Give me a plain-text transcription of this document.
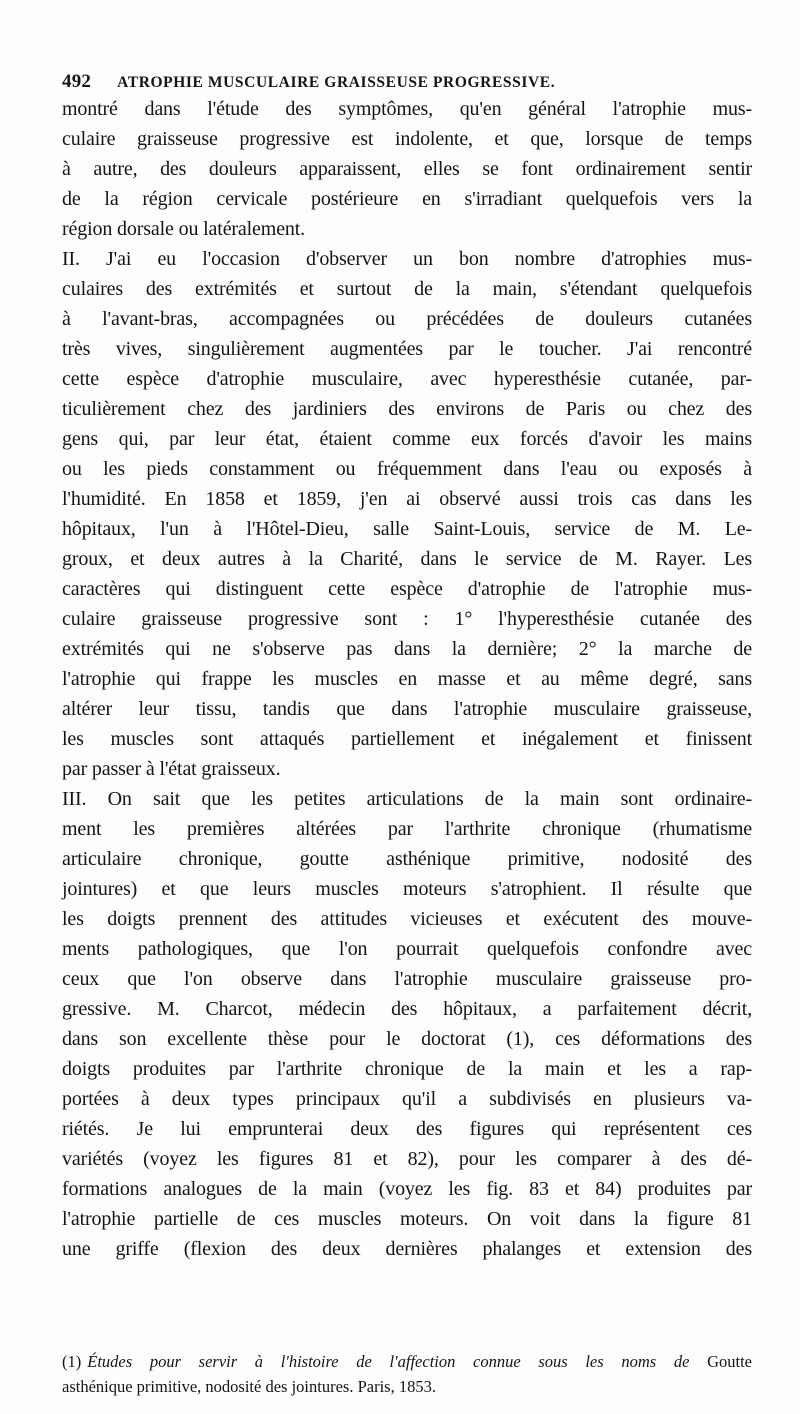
492 ATROPHIE MUSCULAIRE GRAISSEUSE PROGRESSIVE.
montré dans l'étude des symptômes, qu'en général l'atrophie mus-
culaire graisseuse progressive est indolente, et que, lorsque de temps
à autre, des douleurs apparaissent, elles se font ordinairement sentir
de la région cervicale postérieure en s'irradiant quelquefois vers la
région dorsale ou latéralement.
II. J'ai eu l'occasion d'observer un bon nombre d'atrophies mus-
culaires des extrémités et surtout de la main, s'étendant quelquefois
à l'avant-bras, accompagnées ou précédées de douleurs cutanées
très vives, singulièrement augmentées par le toucher. J'ai rencontré
cette espèce d'atrophie musculaire, avec hyperesthésie cutanée, par-
ticulièrement chez des jardiniers des environs de Paris ou chez des
gens qui, par leur état, étaient comme eux forcés d'avoir les mains
ou les pieds constamment ou fréquemment dans l'eau ou exposés à
l'humidité. En 1858 et 1859, j'en ai observé aussi trois cas dans les
hôpitaux, l'un à l'Hôtel-Dieu, salle Saint-Louis, service de M. Le-
groux, et deux autres à la Charité, dans le service de M. Rayer. Les
caractères qui distinguent cette espèce d'atrophie de l'atrophie mus-
culaire graisseuse progressive sont : 1° l'hyperesthésie cutanée des
extrémités qui ne s'observe pas dans la dernière; 2° la marche de
l'atrophie qui frappe les muscles en masse et au même degré, sans
altérer leur tissu, tandis que dans l'atrophie musculaire graisseuse,
les muscles sont attaqués partiellement et inégalement et finissent
par passer à l'état graisseux.
III. On sait que les petites articulations de la main sont ordinaire-
ment les premières altérées par l'arthrite chronique (rhumatisme
articulaire chronique, goutte asthénique primitive, nodosité des
jointures) et que leurs muscles moteurs s'atrophient. Il résulte que
les doigts prennent des attitudes vicieuses et exécutent des mouve-
ments pathologiques, que l'on pourrait quelquefois confondre avec
ceux que l'on observe dans l'atrophie musculaire graisseuse pro-
gressive. M. Charcot, médecin des hôpitaux, a parfaitement décrit,
dans son excellente thèse pour le doctorat (1), ces déformations des
doigts produites par l'arthrite chronique de la main et les a rap-
portées à deux types principaux qu'il a subdivisés en plusieurs va-
riétés. Je lui emprunterai deux des figures qui représentent ces
variétés (voyez les figures 81 et 82), pour les comparer à des dé-
formations analogues de la main (voyez les fig. 83 et 84) produites par
l'atrophie partielle de ces muscles moteurs. On voit dans la figure 81
une griffe (flexion des deux dernières phalanges et extension des
(1) Études pour servir à l'histoire de l'affection connue sous les noms de Goutte
asthénique primitive, nodosité des jointures. Paris, 1853.
